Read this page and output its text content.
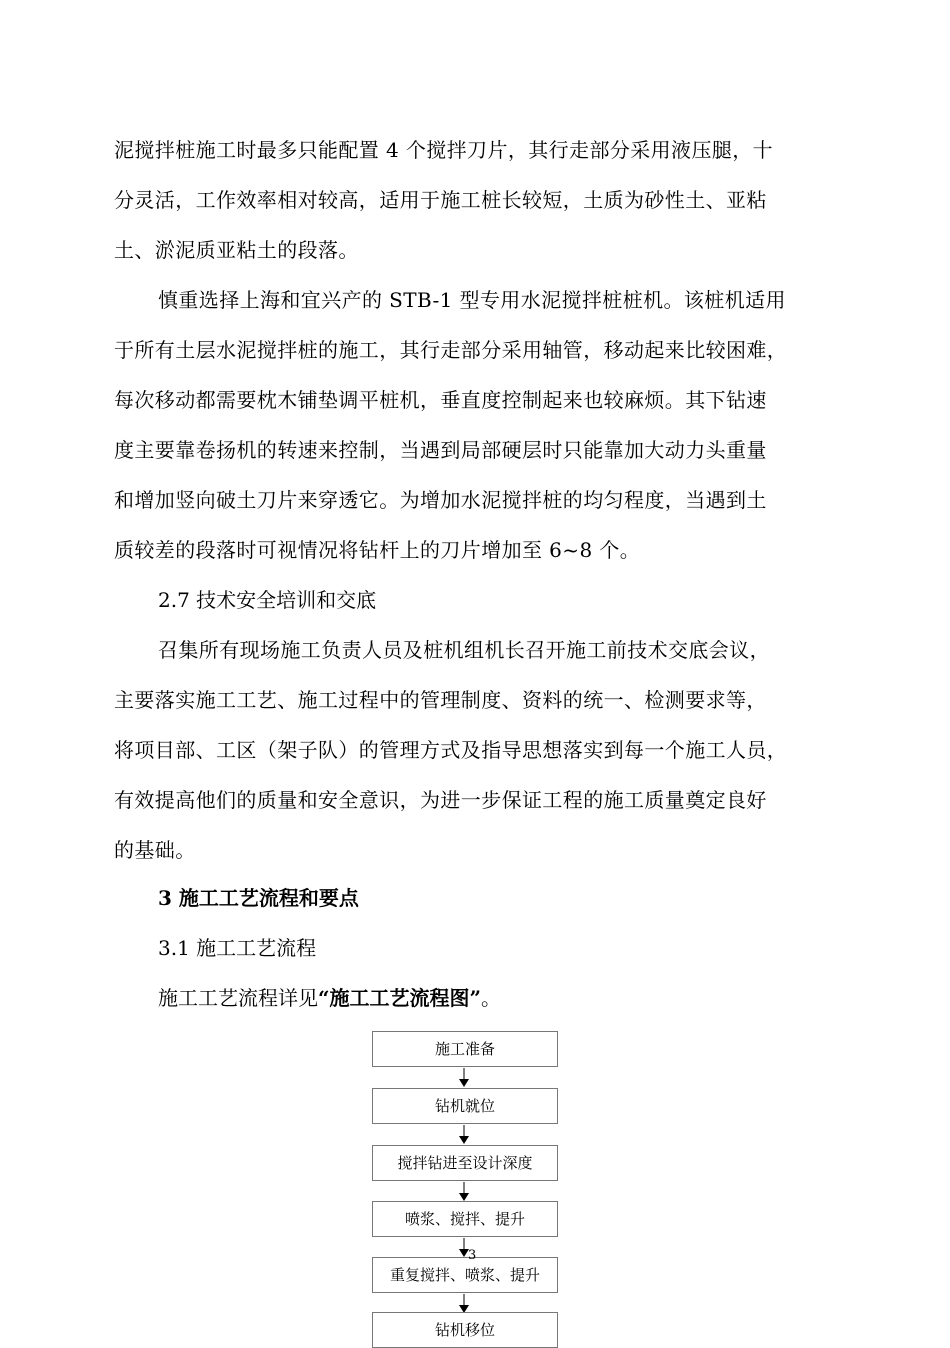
泥搅拌桩施工时最多只能配置 4 个搅拌刀片，其行走部分采用液压腿，十
分灵活，工作效率相对较高，适用于施工桩长较短，土质为砂性土、亚粘
土、淤泥质亚粘土的段落。
慎重选择上海和宜兴产的 STB-1 型专用水泥搅拌桩桩机。该桩机适用
于所有土层水泥搅拌桩的施工，其行走部分采用轴管，移动起来比较困难，
每次移动都需要枕木铺垫调平桩机，垂直度控制起来也较麻烦。其下钻速
度主要靠卷扬机的转速来控制，当遇到局部硬层时只能靠加大动力头重量
和增加竖向破土刀片来穿透它。为增加水泥搅拌桩的均匀程度，当遇到土
质较差的段落时可视情况将钻杆上的刀片增加至 6~8 个。
2.7 技术安全培训和交底
召集所有现场施工负责人员及桩机组机长召开施工前技术交底会议，
主要落实施工工艺、施工过程中的管理制度、资料的统一、检测要求等，
将项目部、工区（架子队）的管理方式及指导思想落实到每一个施工人员，
有效提高他们的质量和安全意识，为进一步保证工程的施工质量奠定良好
的基础。
3 施工工艺流程和要点
3.1 施工工艺流程
施工工艺流程详见“施工工艺流程图”。
施工准备
钻机就位
搅拌钻进至设计深度
喷浆、搅拌、提升
重复搅拌、喷浆、提升
钻机移位
3
